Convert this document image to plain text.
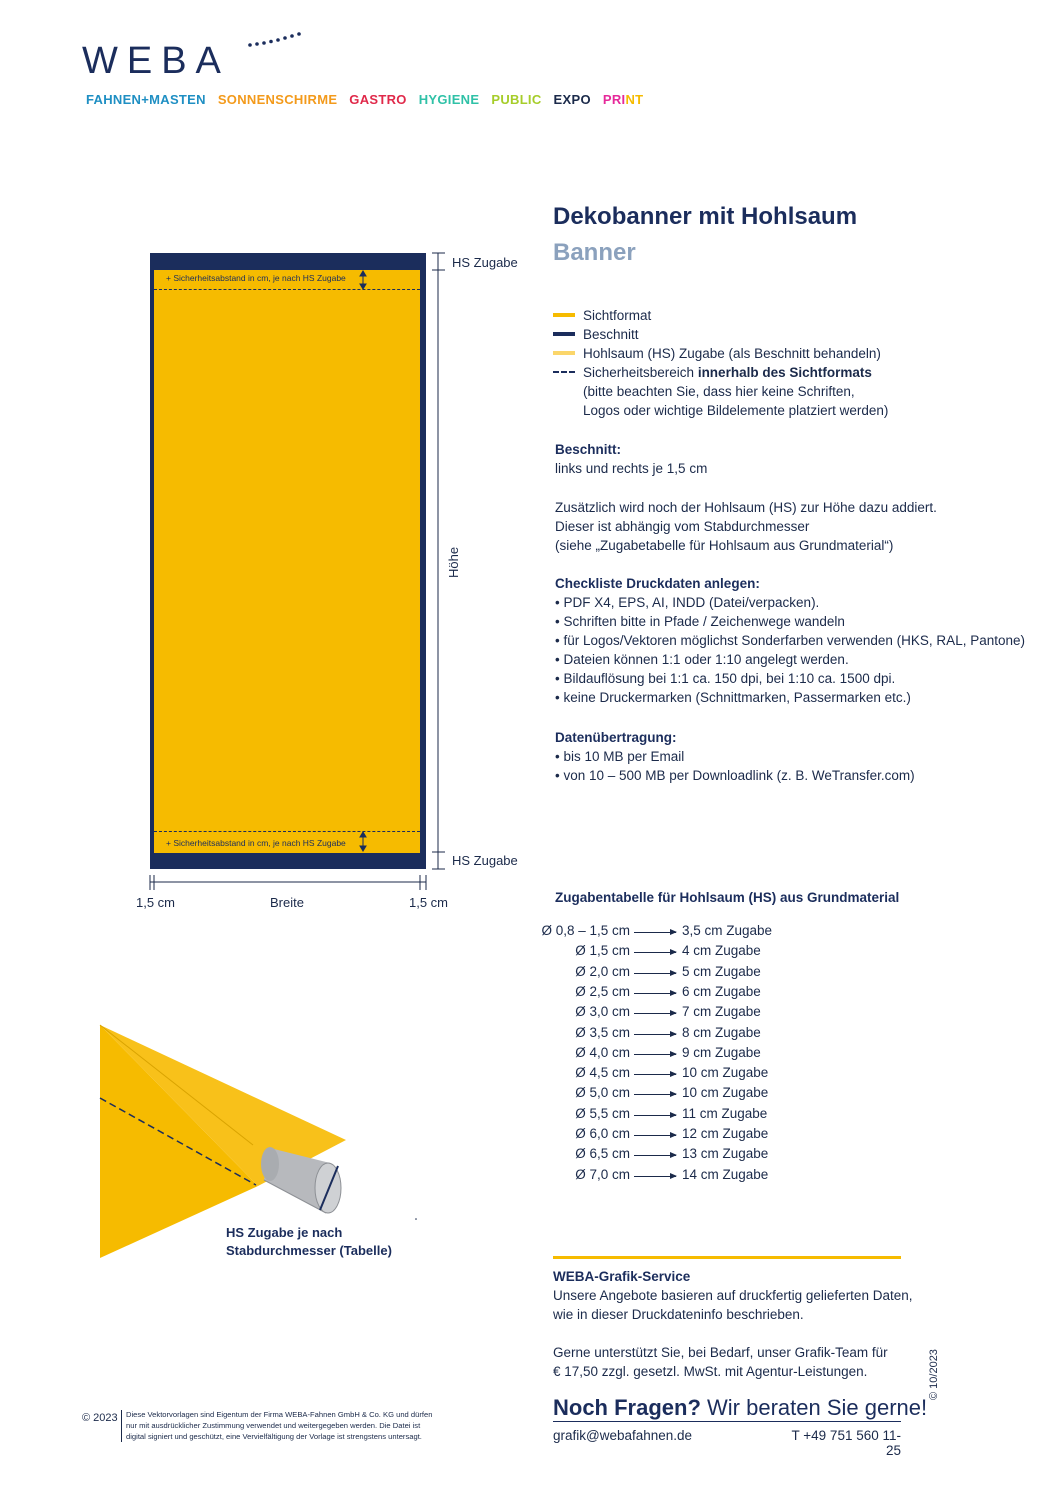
WEBA
FAHNEN+MASTEN SONNENSCHIRME GASTRO HYGIENE PUBLIC EXPO PRINT
Dekobanner mit Hohlsaum
Banner
Sichtformat
Beschnitt
Hohlsaum (HS) Zugabe (als Beschnitt behandeln)
Sicherheitsbereich innerhalb des Sichtformats
(bitte beachten Sie, dass hier keine Schriften,
Logos oder wichtige Bildelemente platziert werden)
Beschnitt:
links und rechts je 1,5 cm
Zusätzlich wird noch der Hohlsaum (HS) zur Höhe dazu addiert.
Dieser ist abhängig vom Stabdurchmesser
(siehe „Zugabetabelle für Hohlsaum aus Grundmaterial“)
Checkliste Druckdaten anlegen:
• PDF X4, EPS, AI, INDD (Datei/verpacken).
• Schriften bitte in Pfade / Zeichenwege wandeln
• für Logos/Vektoren möglichst Sonderfarben verwenden (HKS, RAL, Pantone)
• Dateien können 1:1 oder 1:10 angelegt werden.
• Bildauflösung bei 1:1 ca. 150 dpi, bei 1:10 ca. 1500 dpi.
• keine Druckermarken (Schnittmarken, Passermarken etc.)
Datenübertragung:
• bis 10 MB per Email
• von 10 – 500 MB per Downloadlink (z. B. WeTransfer.com)
+ Sicherheitsabstand in cm, je nach HS Zugabe
+ Sicherheitsabstand in cm, je nach HS Zugabe
HS Zugabe
HS Zugabe
Höhe
1,5 cm	Breite	1,5 cm
HS Zugabe je nach
Stabdurchmesser (Tabelle)
Zugabentabelle für Hohlsaum (HS) aus Grundmaterial
Ø 0,8 – 1,5 cm	3,5 cm Zugabe
Ø 1,5 cm	4 cm Zugabe
Ø 2,0 cm	5 cm Zugabe
Ø 2,5 cm	6 cm Zugabe
Ø 3,0 cm	7 cm Zugabe
Ø 3,5 cm	8 cm Zugabe
Ø 4,0 cm	9 cm Zugabe
Ø 4,5 cm	10 cm Zugabe
Ø 5,0 cm	10 cm Zugabe
Ø 5,5 cm	11 cm Zugabe
Ø 6,0 cm	12 cm Zugabe
Ø 6,5 cm	13 cm Zugabe
Ø 7,0 cm	14 cm Zugabe
WEBA-Grafik-Service
Unsere Angebote basieren auf druckfertig gelieferten Daten,
wie in dieser Druckdateninfo beschrieben.
Gerne unterstützt Sie, bei Bedarf, unser Grafik-Team für
€ 17,50 zzgl. gesetzl. MwSt. mit Agentur-Leistungen.
Noch Fragen? Wir beraten Sie gerne!
grafik@webafahnen.de	T +49 751 560 11-25
© 2023 Diese Vektorvorlagen sind Eigentum der Firma WEBA-Fahnen GmbH & Co. KG und dürfen
nur mit ausdrücklicher Zustimmung verwendet und weitergegeben werden. Die Datei ist
digital signiert und geschützt, eine Vervielfältigung der Vorlage ist strengstens untersagt.
© 10/2023
